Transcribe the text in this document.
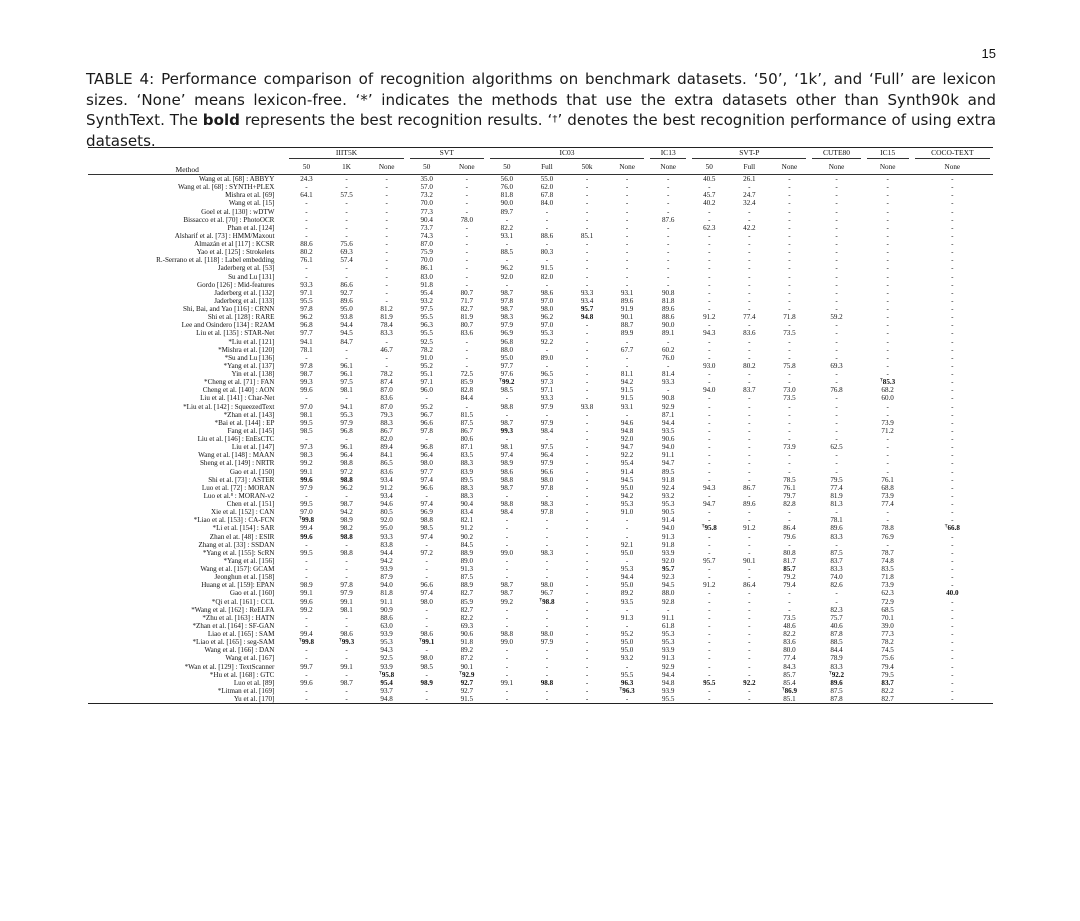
15
TABLE 4: Performance comparison of recognition algorithms on benchmark datasets. ‘50’, ‘1k’, and ‘Full’ are lexicon sizes. ‘None’ means lexicon-free. ‘*’ indicates the methods that use the extra datasets other than Synth90k and SynthText. The bold represents the best recognition results. ‘†’ denotes the best recognition performance of using extra datasets.
Method	IIIT5K			SVT		IC03				IC13	SVT-P			CUTE80	IC15	COCO-TEXT

	50	1K	None	50	None	50	Full	50k	None	None	50	Full	None	None	None	None
Wang et al. [68] : ABBYY	24.3	-	-	35.0	-	56.0	55.0	-	-	-	40.5	26.1	-	-	-	-
Wang et al. [68] : SYNTH+PLEX	-	-	-	57.0	-	76.0	62.0	-	-	-	-	-	-	-	-	-
Mishra et al. [69]	64.1	57.5	-	73.2	-	81.8	67.8	-	-	-	45.7	24.7	-	-	-	-
Wang et al. [15]	-	-	-	70.0	-	90.0	84.0	-	-	-	40.2	32.4	-	-	-	-
Goel et al. [130] : wDTW	-	-	-	77.3	-	89.7	-	-	-	-	-	-	-	-	-	-
Bissacco et al. [70] : PhotoOCR	-	-	-	90.4	78.0	-	-	-	-	87.6	-	-	-	-	-	-
Phan et al. [124]	-	-	-	73.7	-	82.2	-	-	-	-	62.3	42.2	-	-	-	-
Alsharif et al. [73] : HMM/Maxout	-	-	-	74.3	-	93.1	88.6	85.1	-	-	-	-	-	-	-	-
Almazán et al [117] : KCSR	88.6	75.6	-	87.0	-	-	-	-	-	-	-	-	-	-	-	-
Yao et al. [125] : Strokelets	80.2	69.3	-	75.9	-	88.5	80.3	-	-	-	-	-	-	-	-	-
R.-Serrano et al. [118] : Label embedding	76.1	57.4	-	70.0	-	-	-	-	-	-	-	-	-	-	-	-
Jaderberg et al. [53]	-	-	-	86.1	-	96.2	91.5	-	-	-	-	-	-	-	-	-
Su and Lu [131]	-	-	-	83.0	-	92.0	82.0	-	-	-	-	-	-	-	-	-
Gordo [126] : Mid-features	93.3	86.6	-	91.8	-	-	-	-	-	-	-	-	-	-	-	-
Jaderberg et al. [132]	97.1	92.7	-	95.4	80.7	98.7	98.6	93.3	93.1	90.8	-	-	-	-	-	-
Jaderberg et al. [133]	95.5	89.6	-	93.2	71.7	97.8	97.0	93.4	89.6	81.8	-	-	-	-	-	-
Shi, Bai, and Yao [116] : CRNN	97.8	95.0	81.2	97.5	82.7	98.7	98.0	95.7	91.9	89.6	-	-	-	-	-	-
Shi et al. [128] : RARE	96.2	93.8	81.9	95.5	81.9	98.3	96.2	94.8	90.1	88.6	91.2	77.4	71.8	59.2	-	-
Lee and Osindero [134] : R2AM	96.8	94.4	78.4	96.3	80.7	97.9	97.0	-	88.7	90.0	-	-	-	-	-	-
Liu et al. [135] : STAR-Net	97.7	94.5	83.3	95.5	83.6	96.9	95.3	-	89.9	89.1	94.3	83.6	73.5	-	-	-
*Liu et al. [121]	94.1	84.7	-	92.5	-	96.8	92.2	-	-	-	-	-	-	-	-	-
*Mishra et al. [120]	78.1	-	46.7	78.2	-	88.0	-	-	67.7	60.2	-	-	-	-	-	-
*Su and Lu [136]	-	-	-	91.0	-	95.0	89.0	-	-	76.0	-	-	-	-	-	-
*Yang et al. [137]	97.8	96.1	-	95.2	-	97.7	-	-	-	-	93.0	80.2	75.8	69.3	-	-
Yin et al. [138]	98.7	96.1	78.2	95.1	72.5	97.6	96.5	-	81.1	81.4	-	-	-	-	-	-
*Cheng et al. [71] : FAN	99.3	97.5	87.4	97.1	85.9	†99.2	97.3	-	94.2	93.3	-	-	-	-	†85.3	-
Cheng et al. [140] : AON	99.6	98.1	87.0	96.0	82.8	98.5	97.1	-	91.5	-	94.0	83.7	73.0	76.8	68.2	-
Liu et al. [141] : Char-Net	-	-	83.6	-	84.4	-	93.3	-	91.5	90.8	-	-	73.5	-	60.0	-
*Liu et al. [142] : SqueezedText	97.0	94.1	87.0	95.2	-	98.8	97.9	93.8	93.1	92.9	-	-	-	-	-	-
*Zhan et al. [143]	98.1	95.3	79.3	96.7	81.5	-	-	-	-	87.1	-	-	-	-	-	-
*Bai et al. [144] : EP	99.5	97.9	88.3	96.6	87.5	98.7	97.9	-	94.6	94.4	-	-	-	-	73.9	-
Fang et al. [145]	98.5	96.8	86.7	97.8	86.7	99.3	98.4	-	94.8	93.5	-	-	-	-	71.2	-
Liu et al. [146] : EnEsCTC	-	-	82.0	-	80.6	-	-	-	92.0	90.6	-	-	-	-	-	-
Liu et al. [147]	97.3	96.1	89.4	96.8	87.1	98.1	97.5	-	94.7	94.0	-	-	73.9	62.5	-	-
Wang et al. [148] : MAAN	98.3	96.4	84.1	96.4	83.5	97.4	96.4	-	92.2	91.1	-	-	-	-	-	-
Sheng et al. [149] : NRTR	99.2	98.8	86.5	98.0	88.3	98.9	97.9	-	95.4	94.7	-	-	-	-	-	-
Gao et al. [150]	99.1	97.2	83.6	97.7	83.9	98.6	96.6	-	91.4	89.5	-	-	-	-	-	-
Shi et al. [73] : ASTER	99.6	98.8	93.4	97.4	89.5	98.8	98.0	-	94.5	91.8	-	-	78.5	79.5	76.1	-
Luo et al. [72] : MORAN	97.9	96.2	91.2	96.6	88.3	98.7	97.8	-	95.0	92.4	94.3	86.7	76.1	77.4	68.8	-
Luo et al.⁸ : MORAN-v2	-	-	93.4	-	88.3	-	-	-	94.2	93.2	-	-	79.7	81.9	73.9	-
Chen et al. [151]	99.5	98.7	94.6	97.4	90.4	98.8	98.3	-	95.3	95.3	94.7	89.6	82.8	81.3	77.4	-
Xie et al. [152] : CAN	97.0	94.2	80.5	96.9	83.4	98.4	97.8	-	91.0	90.5	-	-	-	-	-	-
*Liao et al. [153] : CA-FCN	†99.8	98.9	92.0	98.8	82.1	-	-	-	-	91.4	-	-	-	78.1	-	-
*Li et al. [154] : SAR	99.4	98.2	95.0	98.5	91.2	-	-	-	-	94.0	†95.8	91.2	86.4	89.6	78.8	†66.8
Zhan el at. [48] : ESIR	99.6	98.8	93.3	97.4	90.2	-	-	-	-	91.3	-	-	79.6	83.3	76.9	-
Zhang et al. [33] : SSDAN	-	-	83.8	-	84.5	-	-	-	92.1	91.8	-	-	-	-	-	-
*Yang et al. [155]: ScRN	99.5	98.8	94.4	97.2	88.9	99.0	98.3	-	95.0	93.9	-	-	80.8	87.5	78.7	-
*Yang et al. [156]	-	-	94.2	-	89.0	-	-	-	-	92.0	95.7	90.1	81.7	83.7	74.8	-
Wang et al. [157]: GCAM	-	-	93.9	-	91.3	-	-	-	95.3	95.7	-	-	85.7	83.3	83.5	-
Jeonghun et al. [158]	-	-	87.9	-	87.5	-	-	-	94.4	92.3	-	-	79.2	74.0	71.8	-
Huang et al. [159]: EPAN	98.9	97.8	94.0	96.6	88.9	98.7	98.0	-	95.0	94.5	91.2	86.4	79.4	82.6	73.9	-
Gao et al. [160]	99.1	97.9	81.8	97.4	82.7	98.7	96.7	-	89.2	88.0	-	-	-	-	62.3	40.0
*Qi et al. [161] : CCL	99.6	99.1	91.1	98.0	85.9	99.2	†98.8	-	93.5	92.8	-	-	-	-	72.9	-
*Wang et al. [162] : ReELFA	99.2	98.1	90.9	-	82.7	-	-	-	-	-	-	-	-	82.3	68.5	-
*Zhu et al. [163] : HATN	-	-	88.6	-	82.2	-	-	-	91.3	91.1	-	-	73.5	75.7	70.1	-
*Zhan et al. [164] : SF-GAN	-	-	63.0	-	69.3	-	-	-	-	61.8	-	-	48.6	40.6	39.0	-
Liao et al. [165] : SAM	99.4	98.6	93.9	98.6	90.6	98.8	98.0	-	95.2	95.3	-	-	82.2	87.8	77.3	-
*Liao et al. [165] : seg-SAM	†99.8	†99.3	95.3	†99.1	91.8	99.0	97.9	-	95.0	95.3	-	-	83.6	88.5	78.2	-
Wang et al. [166] : DAN	-	-	94.3	-	89.2	-	-	-	95.0	93.9	-	-	80.0	84.4	74.5	-
Wang et al. [167]	-	-	92.5	98.0	87.2	-	-	-	93.2	91.3	-	-	77.4	78.9	75.6	-
*Wan et al. [129] : TextScanner	99.7	99.1	93.9	98.5	90.1	-	-	-	-	92.9	-	-	84.3	83.3	79.4	-
*Hu et al. [168] : GTC	-	-	†95.8	-	†92.9	-	-	-	95.5	94.4	-	-	85.7	†92.2	79.5	-
Luo et al. [89]	99.6	98.7	95.4	98.9	92.7	99.1	98.8	-	96.3	94.8	95.5	92.2	85.4	89.6	83.7	-
*Litman et al. [169]	-	-	93.7	-	92.7	-	-	-	†96.3	93.9	-	-	†86.9	87.5	82.2	-
Yu et al. [170]	-	-	94.8	-	91.5	-	-	-	-	95.5	-	-	85.1	87.8	82.7	-
